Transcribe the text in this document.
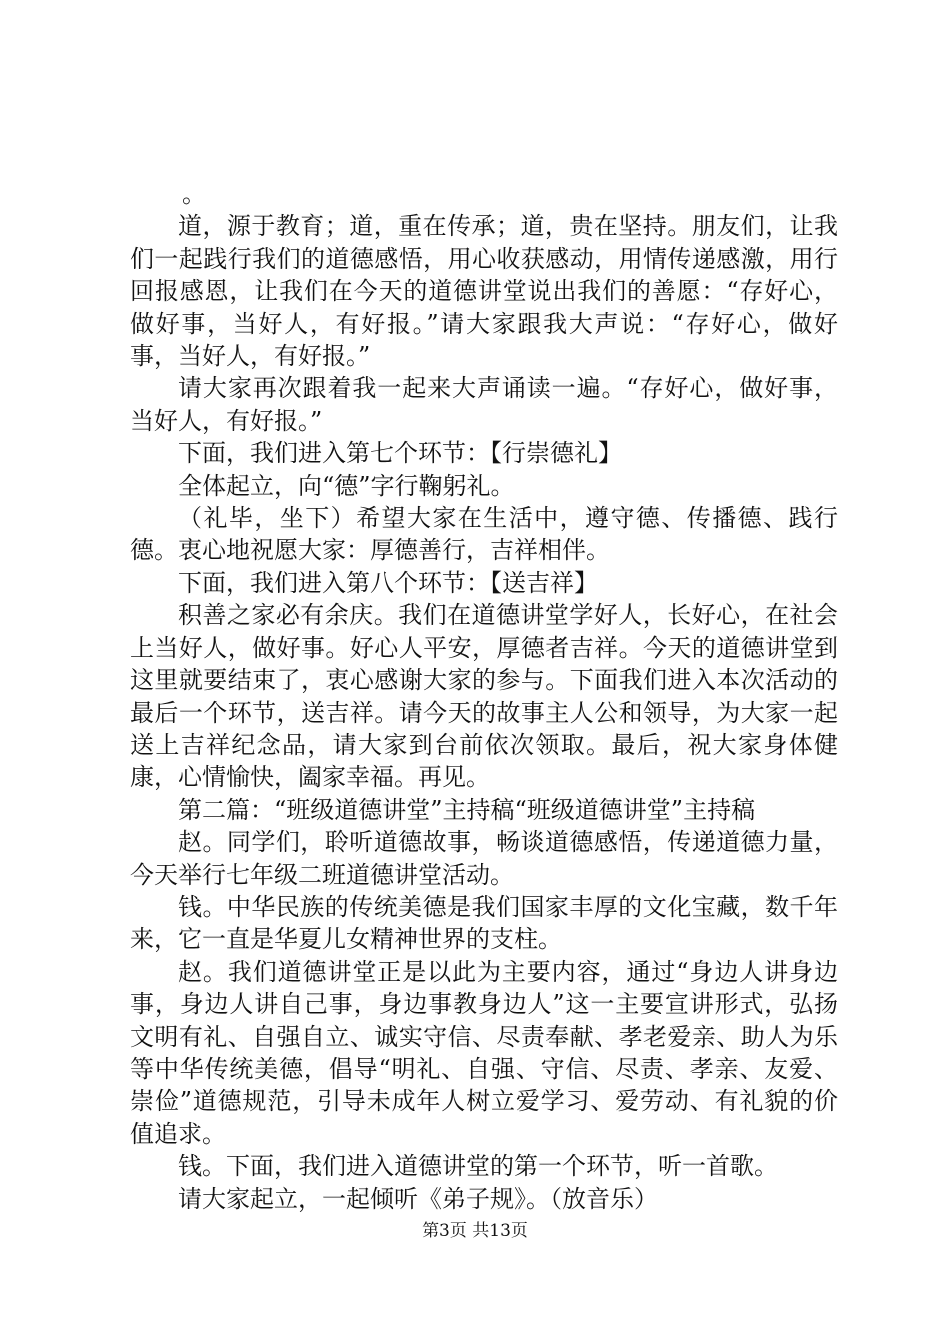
。

道，源于教育；道，重在传承；道，贵在坚持。朋友们，让我们一起践行我们的道德感悟，用心收获感动，用情传递感激，用行回报感恩，让我们在今天的道德讲堂说出我们的善愿：“存好心，做好事，当好人，有好报。”请大家跟我大声说：“存好心，做好事，当好人，有好报。”

请大家再次跟着我一起来大声诵读一遍。“存好心，做好事，当好人，有好报。”

下面，我们进入第七个环节：【行崇德礼】

全体起立，向“德”字行鞠躬礼。

（礼毕，坐下）希望大家在生活中，遵守德、传播德、践行德。衷心地祝愿大家：厚德善行，吉祥相伴。

下面，我们进入第八个环节：【送吉祥】

积善之家必有余庆。我们在道德讲堂学好人，长好心，在社会上当好人，做好事。好心人平安，厚德者吉祥。今天的道德讲堂到这里就要结束了，衷心感谢大家的参与。下面我们进入本次活动的最后一个环节，送吉祥。请今天的故事主人公和领导，为大家一起送上吉祥纪念品，请大家到台前依次领取。最后，祝大家身体健康，心情愉快，阖家幸福。再见。

第二篇：“班级道德讲堂”主持稿“班级道德讲堂”主持稿

赵。同学们，聆听道德故事，畅谈道德感悟，传递道德力量，今天举行七年级二班道德讲堂活动。

钱。中华民族的传统美德是我们国家丰厚的文化宝藏，数千年来，它一直是华夏儿女精神世界的支柱。

赵。我们道德讲堂正是以此为主要内容，通过“身边人讲身边事，身边人讲自己事，身边事教身边人”这一主要宣讲形式，弘扬文明有礼、自强自立、诚实守信、尽责奉献、孝老爱亲、助人为乐等中华传统美德，倡导“明礼、自强、守信、尽责、孝亲、友爱、崇俭”道德规范，引导未成年人树立爱学习、爱劳动、有礼貌的价值追求。

钱。下面，我们进入道德讲堂的第一个环节，听一首歌。

请大家起立，一起倾听《弟子规》。（放音乐）

第3页 共13页
